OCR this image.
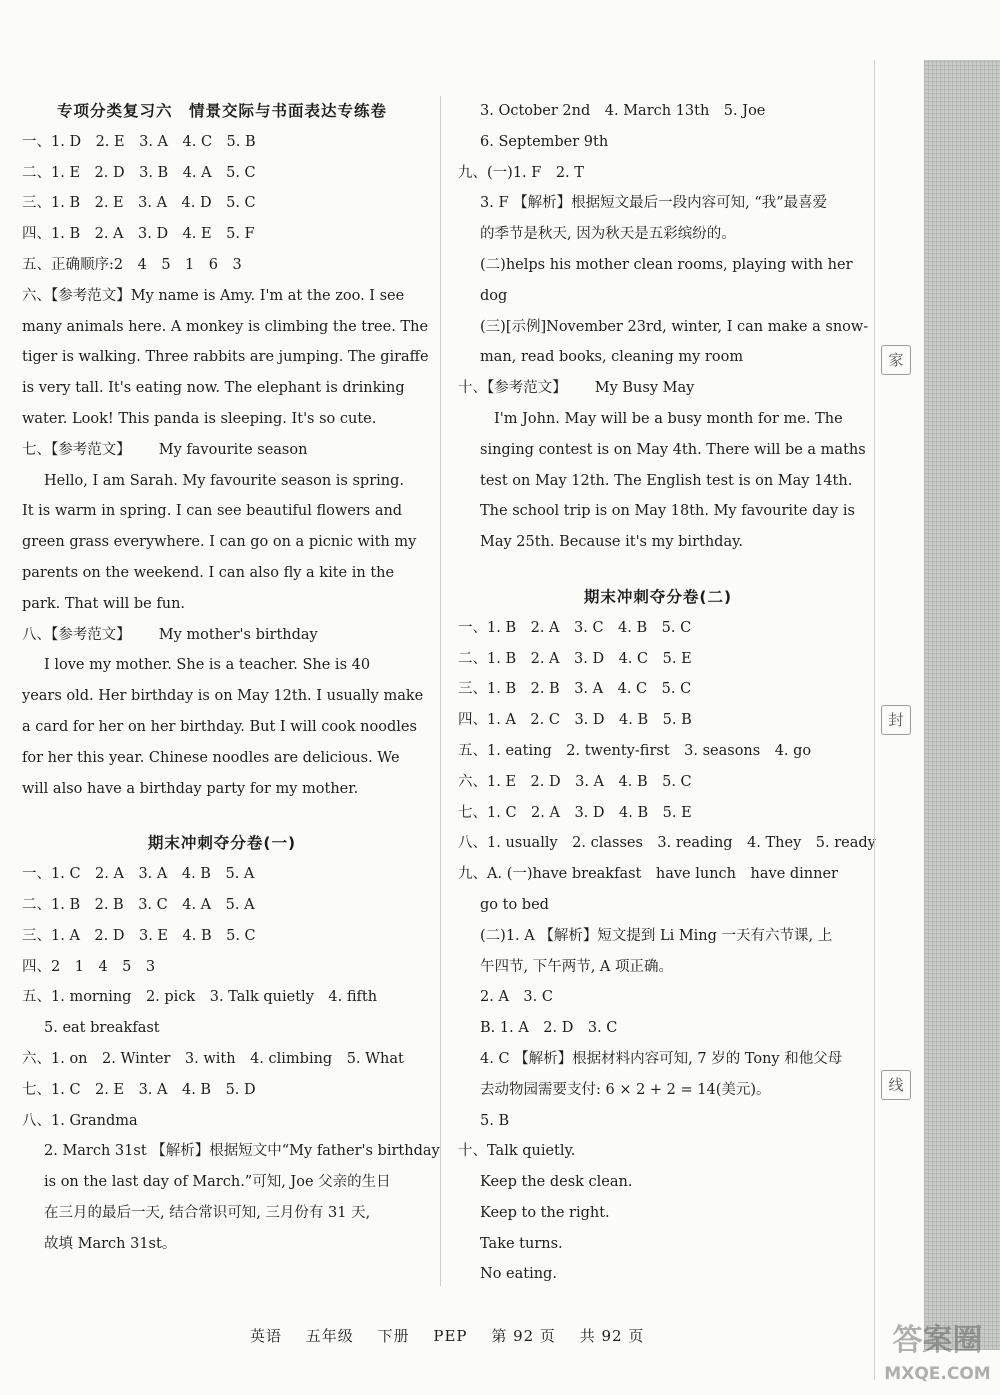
专项分类复习六　情景交际与书面表达专练卷
一、1. D　2. E　3. A　4. C　5. B
二、1. E　2. D　3. B　4. A　5. C
三、1. B　2. E　3. A　4. D　5. C
四、1. B　2. A　3. D　4. E　5. F
五、正确顺序:2　4　5　1　6　3
六、【参考范文】My name is Amy. I'm at the zoo. I see
many animals here. A monkey is climbing the tree. The
tiger is walking. Three rabbits are jumping. The giraffe
is very tall. It's eating now. The elephant is drinking
water. Look! This panda is sleeping. It's so cute.
七、【参考范文】 My favourite season
Hello, I am Sarah. My favourite season is spring.
It is warm in spring. I can see beautiful flowers and
green grass everywhere. I can go on a picnic with my
parents on the weekend. I can also fly a kite in the
park. That will be fun.
八、【参考范文】 My mother's birthday
I love my mother. She is a teacher. She is 40
years old. Her birthday is on May 12th. I usually make
a card for her on her birthday. But I will cook noodles
for her this year. Chinese noodles are delicious. We
will also have a birthday party for my mother.
期末冲刺夺分卷(一)
一、1. C　2. A　3. A　4. B　5. A
二、1. B　2. B　3. C　4. A　5. A
三、1. A　2. D　3. E　4. B　5. C
四、2　1　4　5　3
五、1. morning　2. pick　3. Talk quietly　4. fifth
5. eat breakfast
六、1. on　2. Winter　3. with　4. climbing　5. What
七、1. C　2. E　3. A　4. B　5. D
八、1. Grandma
2. March 31st 【解析】根据短文中“My father's birthday
is on the last day of March.”可知, Joe 父亲的生日
在三月的最后一天, 结合常识可知, 三月份有 31 天,
故填 March 31st。
3. October 2nd　4. March 13th　5. Joe
6. September 9th
九、(一)1. F　2. T
3. F 【解析】根据短文最后一段内容可知, “我”最喜爱
的季节是秋天, 因为秋天是五彩缤纷的。
(二)helps his mother clean rooms, playing with her
dog
(三)[示例]November 23rd, winter, I can make a snow-
man, read books, cleaning my room
十、【参考范文】 My Busy May
I'm John. May will be a busy month for me. The
singing contest is on May 4th. There will be a maths
test on May 12th. The English test is on May 14th.
The school trip is on May 18th. My favourite day is
May 25th. Because it's my birthday.
期末冲刺夺分卷(二)
一、1. B　2. A　3. C　4. B　5. C
二、1. B　2. A　3. D　4. C　5. E
三、1. B　2. B　3. A　4. C　5. C
四、1. A　2. C　3. D　4. B　5. B
五、1. eating　2. twenty-first　3. seasons　4. go
六、1. E　2. D　3. A　4. B　5. C
七、1. C　2. A　3. D　4. B　5. E
八、1. usually　2. classes　3. reading　4. They　5. ready
九、A. (一)have breakfast　have lunch　have dinner
go to bed
(二)1. A 【解析】短文提到 Li Ming 一天有六节课, 上
午四节, 下午两节, A 项正确。
2. A　3. C
B. 1. A　2. D　3. C
4. C 【解析】根据材料内容可知, 7 岁的 Tony 和他父母
去动物园需要支付: 6 × 2 + 2 = 14(美元)。
5. B
十、Talk quietly.
Keep the desk clean.
Keep to the right.
Take turns.
No eating.
英语 五年级 下册 PEP 第 92 页 共 92 页
家
封
线
答案圈
MXQE.COM
